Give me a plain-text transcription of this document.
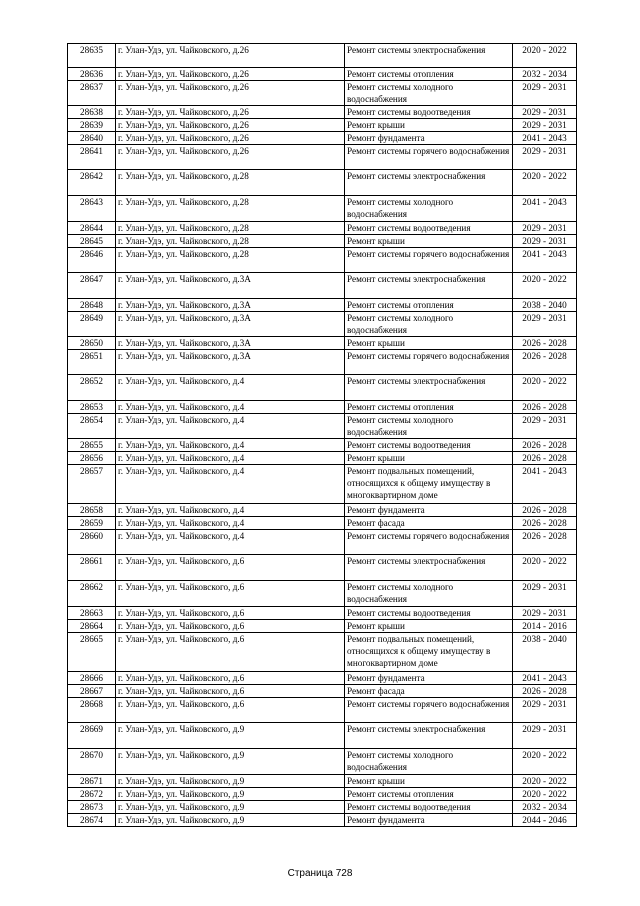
28635	г. Улан-Удэ, ул. Чайковского, д.26	Ремонт системы электроснабжения	2020 - 2022
28636	г. Улан-Удэ, ул. Чайковского, д.26	Ремонт системы отопления	2032 - 2034
28637	г. Улан-Удэ, ул. Чайковского, д.26	Ремонт системы холодного водоснабжения	2029 - 2031
28638	г. Улан-Удэ, ул. Чайковского, д.26	Ремонт системы водоотведения	2029 - 2031
28639	г. Улан-Удэ, ул. Чайковского, д.26	Ремонт крыши	2029 - 2031
28640	г. Улан-Удэ, ул. Чайковского, д.26	Ремонт фундамента	2041 - 2043
28641	г. Улан-Удэ, ул. Чайковского, д.26	Ремонт системы горячего водоснабжения	2029 - 2031
28642	г. Улан-Удэ, ул. Чайковского, д.28	Ремонт системы электроснабжения	2020 - 2022
28643	г. Улан-Удэ, ул. Чайковского, д.28	Ремонт системы холодного водоснабжения	2041 - 2043
28644	г. Улан-Удэ, ул. Чайковского, д.28	Ремонт системы водоотведения	2029 - 2031
28645	г. Улан-Удэ, ул. Чайковского, д.28	Ремонт крыши	2029 - 2031
28646	г. Улан-Удэ, ул. Чайковского, д.28	Ремонт системы горячего водоснабжения	2041 - 2043
28647	г. Улан-Удэ, ул. Чайковского, д.3А	Ремонт системы электроснабжения	2020 - 2022
28648	г. Улан-Удэ, ул. Чайковского, д.3А	Ремонт системы отопления	2038 - 2040
28649	г. Улан-Удэ, ул. Чайковского, д.3А	Ремонт системы холодного водоснабжения	2029 - 2031
28650	г. Улан-Удэ, ул. Чайковского, д.3А	Ремонт крыши	2026 - 2028
28651	г. Улан-Удэ, ул. Чайковского, д.3А	Ремонт системы горячего водоснабжения	2026 - 2028
28652	г. Улан-Удэ, ул. Чайковского, д.4	Ремонт системы электроснабжения	2020 - 2022
28653	г. Улан-Удэ, ул. Чайковского, д.4	Ремонт системы отопления	2026 - 2028
28654	г. Улан-Удэ, ул. Чайковского, д.4	Ремонт системы холодного водоснабжения	2029 - 2031
28655	г. Улан-Удэ, ул. Чайковского, д.4	Ремонт системы водоотведения	2026 - 2028
28656	г. Улан-Удэ, ул. Чайковского, д.4	Ремонт крыши	2026 - 2028
28657	г. Улан-Удэ, ул. Чайковского, д.4	Ремонт подвальных помещений, относящихся к общему имуществу в многоквартирном доме	2041 - 2043
28658	г. Улан-Удэ, ул. Чайковского, д.4	Ремонт фундамента	2026 - 2028
28659	г. Улан-Удэ, ул. Чайковского, д.4	Ремонт фасада	2026 - 2028
28660	г. Улан-Удэ, ул. Чайковского, д.4	Ремонт системы горячего водоснабжения	2026 - 2028
28661	г. Улан-Удэ, ул. Чайковского, д.6	Ремонт системы электроснабжения	2020 - 2022
28662	г. Улан-Удэ, ул. Чайковского, д.6	Ремонт системы холодного водоснабжения	2029 - 2031
28663	г. Улан-Удэ, ул. Чайковского, д.6	Ремонт системы водоотведения	2029 - 2031
28664	г. Улан-Удэ, ул. Чайковского, д.6	Ремонт крыши	2014 - 2016
28665	г. Улан-Удэ, ул. Чайковского, д.6	Ремонт подвальных помещений, относящихся к общему имуществу в многоквартирном доме	2038 - 2040
28666	г. Улан-Удэ, ул. Чайковского, д.6	Ремонт фундамента	2041 - 2043
28667	г. Улан-Удэ, ул. Чайковского, д.6	Ремонт фасада	2026 - 2028
28668	г. Улан-Удэ, ул. Чайковского, д.6	Ремонт системы горячего водоснабжения	2029 - 2031
28669	г. Улан-Удэ, ул. Чайковского, д.9	Ремонт системы электроснабжения	2029 - 2031
28670	г. Улан-Удэ, ул. Чайковского, д.9	Ремонт системы холодного водоснабжения	2020 - 2022
28671	г. Улан-Удэ, ул. Чайковского, д.9	Ремонт крыши	2020 - 2022
28672	г. Улан-Удэ, ул. Чайковского, д.9	Ремонт системы отопления	2020 - 2022
28673	г. Улан-Удэ, ул. Чайковского, д.9	Ремонт системы водоотведения	2032 - 2034
28674	г. Улан-Удэ, ул. Чайковского, д.9	Ремонт фундамента	2044 - 2046
Страница 728
